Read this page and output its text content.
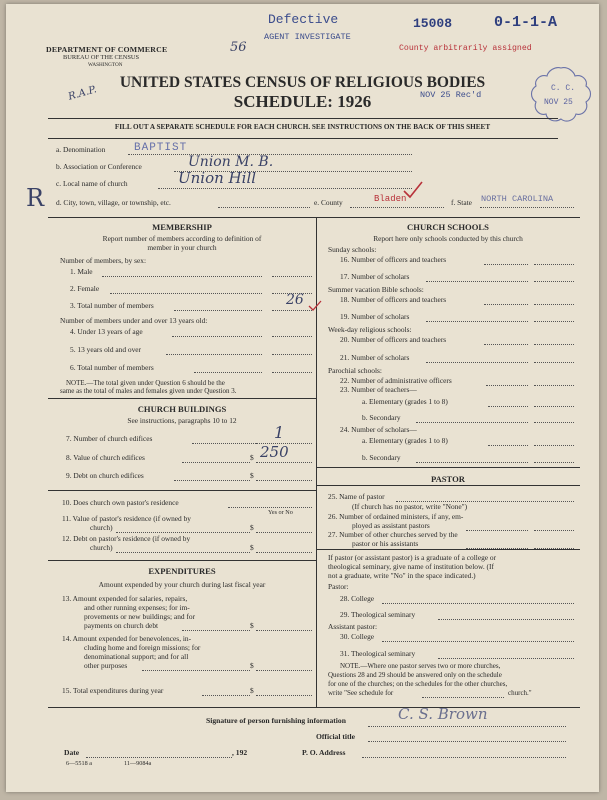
Defective
AGENT INVESTIGATE
15008	0-1-1-A
County arbitrarily assigned
56
R.A.P.	NOV 25 Rec'd
C. C.
NOV 25
R
DEPARTMENT OF COMMERCE
BUREAU OF THE CENSUS
WASHINGTON
UNITED STATES CENSUS OF RELIGIOUS BODIES
SCHEDULE: 1926
FILL OUT A SEPARATE SCHEDULE FOR EACH CHURCH. SEE INSTRUCTIONS ON THE BACK OF THIS SHEET
a. Denomination	BAPTIST
b. Association or Conference	Union M. B.
c. Local name of church	Union Hill
d. City, town, village, or township, etc.	e. County	Bladen	f. State NORTH CAROLINA
MEMBERSHIP
Report number of members according to definition of
member in your church
Number of members, by sex:
1. Male
2. Female
3. Total number of members	26
Number of members under and over 13 years old:
4. Under 13 years of age
5. 13 years old and over
6. Total number of members
NOTE.—The total given under Question 6 should be the
same as the total of males and females given under Question 3.
CHURCH BUILDINGS
See instructions, paragraphs 10 to 12
7. Number of church edifices	1
8. Value of church edifices	$ 250
9. Debt on church edifices	$
10. Does church own pastor's residence
Yes or No
11. Value of pastor's residence (if owned by
church)	$
12. Debt on pastor's residence (if owned by
church)	$
EXPENDITURES
Amount expended by your church during last fiscal year
13. Amount expended for salaries, repairs,
and other running expenses; for im-
provements or new buildings; and for
payments on church debt	$
14. Amount expended for benevolences, in-
cluding home and foreign missions; for
denominational support; and for all
other purposes	$
15. Total expenditures during year	$
CHURCH SCHOOLS
Report here only schools conducted by this church
Sunday schools:
16. Number of officers and teachers
17. Number of scholars
Summer vacation Bible schools:
18. Number of officers and teachers
19. Number of scholars
Week-day religious schools:
20. Number of officers and teachers
21. Number of scholars
Parochial schools:
22. Number of administrative officers
23. Number of teachers—
a. Elementary (grades 1 to 8)
b. Secondary
24. Number of scholars—
a. Elementary (grades 1 to 8)
b. Secondary
PASTOR
25. Name of pastor
(If church has no pastor, write "None")
26. Number of ordained ministers, if any, em-
ployed as assistant pastors
27. Number of other churches served by the
pastor or his assistants
If pastor (or assistant pastor) is a graduate of a college or
theological seminary, give name of institution below. (If
not a graduate, write "No" in the space indicated.)
Pastor:
28. College
29. Theological seminary
Assistant pastor:
30. College
31. Theological seminary
NOTE.—Where one pastor serves two or more churches,
Questions 28 and 29 should be answered only on the schedule
for one of the churches; on the schedules for the other churches,
write "See schedule for	church."
Signature of person furnishing information	C. S. Brown
Official title
Date	, 192	P. O. Address
6—5518 a	11—9084a
